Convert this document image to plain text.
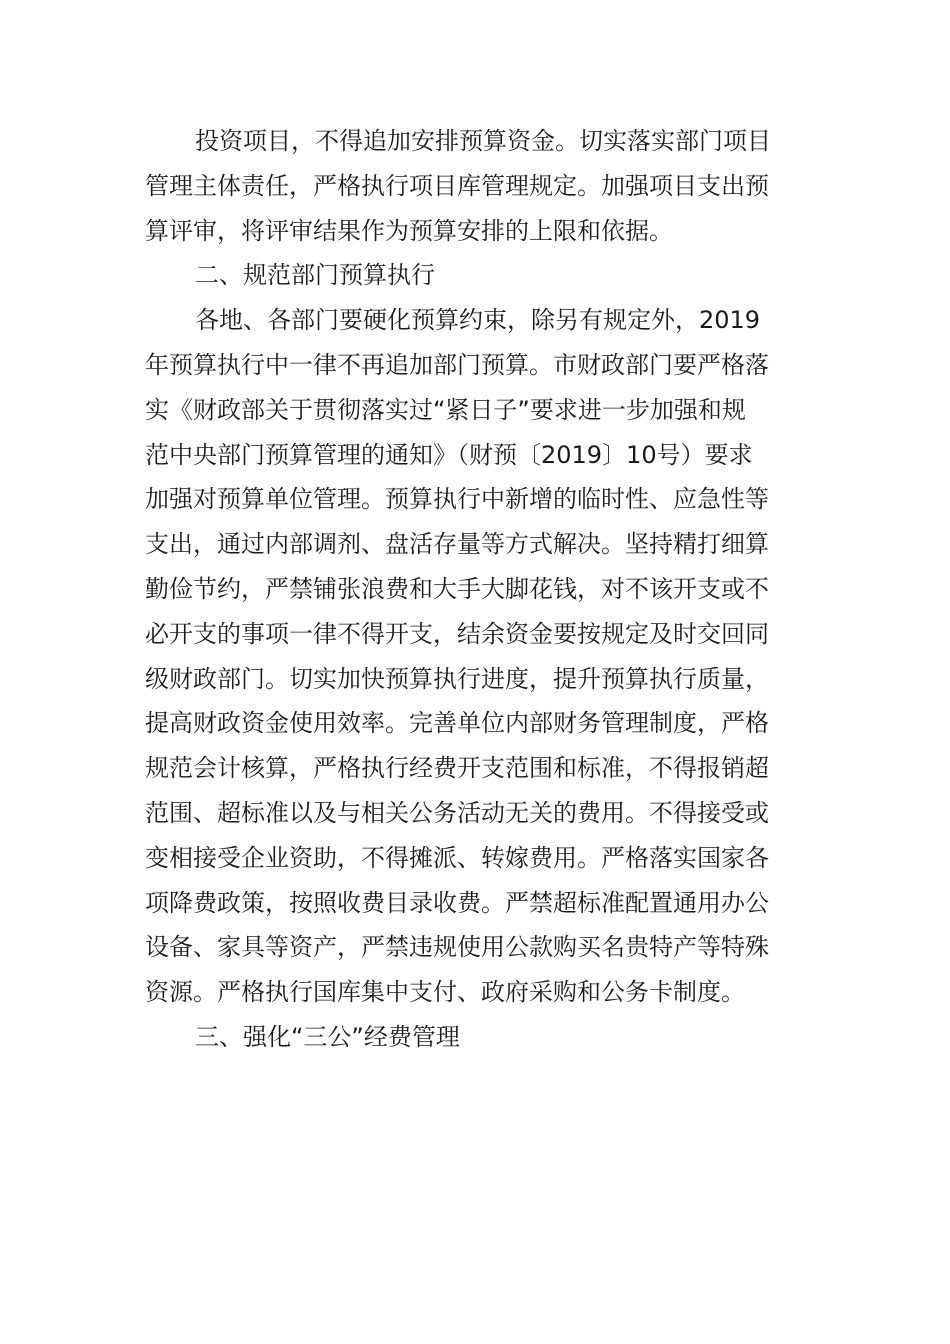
投资项目，不得追加安排预算资金。切实落实部门项目
管理主体责任，严格执行项目库管理规定。加强项目支出预
算评审，将评审结果作为预算安排的上限和依据。
二、规范部门预算执行
各地、各部门要硬化预算约束，除另有规定外，2019
年预算执行中一律不再追加部门预算。市财政部门要严格落
实《财政部关于贯彻落实过“紧日子”要求进一步加强和规
范中央部门预算管理的通知》（财预〔2019〕10号）要求
加强对预算单位管理。预算执行中新增的临时性、应急性等
支出，通过内部调剂、盘活存量等方式解决。坚持精打细算
勤俭节约，严禁铺张浪费和大手大脚花钱，对不该开支或不
必开支的事项一律不得开支，结余资金要按规定及时交回同
级财政部门。切实加快预算执行进度，提升预算执行质量，
提高财政资金使用效率。完善单位内部财务管理制度，严格
规范会计核算，严格执行经费开支范围和标准，不得报销超
范围、超标准以及与相关公务活动无关的费用。不得接受或
变相接受企业资助，不得摊派、转嫁费用。严格落实国家各
项降费政策，按照收费目录收费。严禁超标准配置通用办公
设备、家具等资产，严禁违规使用公款购买名贵特产等特殊
资源。严格执行国库集中支付、政府采购和公务卡制度。
三、强化“三公”经费管理
